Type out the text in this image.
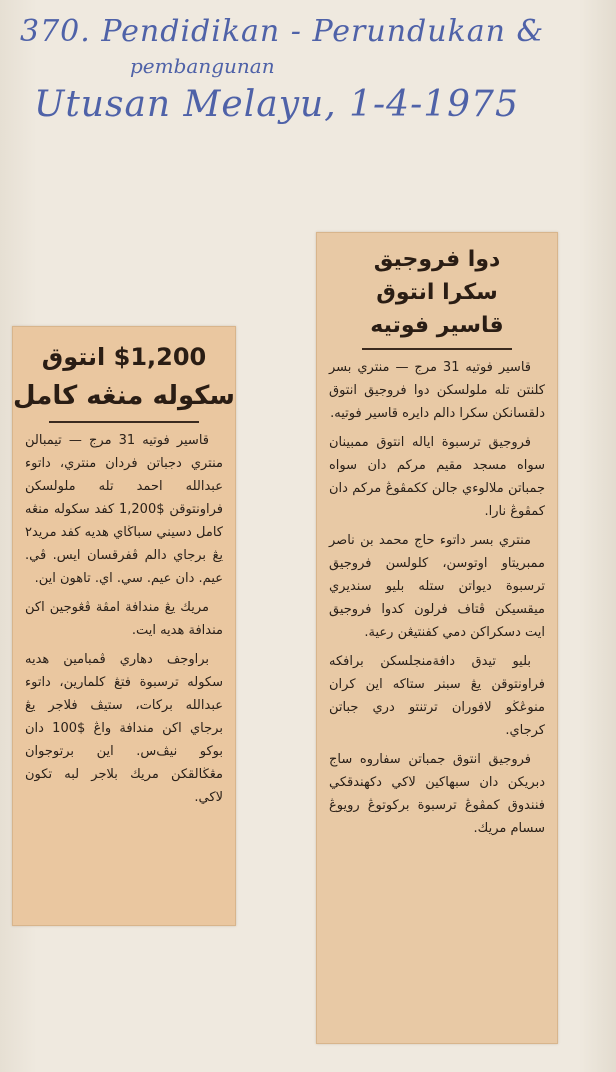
370. Pendidikan - Perundukan &
pembangunan
Utusan Melayu, 1-4-1975
$1,200 انتوق
سكوله منڠه كامل

قاسير فوتيه 31 مرج — تيمبالن منتري دجباتن فردان منتري، داتوء عبدالله احمد تله ملولسكن فراونتوقن $1,200 كفد سكوله منڠه كامل دسيني سباڬاي هديه كفد مريد٢ يڠ برجاي دالم ڤفرقسان ايس. ڤي. عيم. دان عيم. سي. اي. تاهون اين.

مريك يڠ مندافة امڤة ڤڠوجين اکن مندافة هديه ايت.

براوجف دهاري ڤمبامين هديه سكوله ترسبوة فتڠ كلمارين، داتوء عبدالله بركات، ستيڤ فلاجر يڠ برجاي اكن مندافة واڠ $100 دان بوكو نيڤ‌س. اين برتوجوان مڠڬالقكن مريك بلاجر لبه تكون لاكي.

دوا فروجيق
سكرا انتوق
قاسير فوتيه

قاسير فوتيه 31 مرج — منتري بسر كلنتن تله ملولسكن دوا فروجيق انتوق دلقسانكن سكرا دالم دايره قاسير فوتيه.

فروجيق ترسبوة اياله انتوق ممبينان سواه مسجد مقيم مركم دان سواه جمباتن ملالوءي جالن ككمڤوڠ مركم دان كمڤوڠ نارا.

منتري بسر داتوء حاج محمد بن ناصر ممبريتاو اوتوسن، كلولسن فروجيق ترسبوة ديواتن ستله بليو سنديري ميقسيكن ڤتاف فرلون كدوا فروجيق ايت دسكراكن دمي كفنتيڠن رعية.

بليو تيدق دافةمنجلسكن برافكه فراونتوقن يڠ سبنر ستاكه اين كران منوڠڬو لافوران ترتنتو دري جباتن كرجاي.

فروجيق انتوق جمباتن سفاروه ساج دبريكن دان سبهاكين لاكي دكهندقكي فنندوق كمڤوڠ ترسبوة بركوتوڠ رويوڠ سسام مريك.
